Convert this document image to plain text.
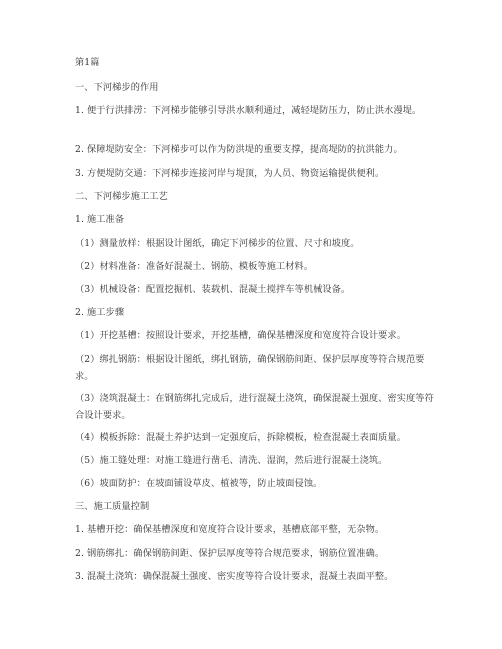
第1篇
一、下河梯步的作用
1. 便于行洪排涝：下河梯步能够引导洪水顺利通过，减轻堤防压力，防止洪水漫堤。
2. 保障堤防安全：下河梯步可以作为防洪堤的重要支撑，提高堤防的抗洪能力。
3. 方便堤防交通：下河梯步连接河岸与堤顶，为人员、物资运输提供便利。
二、下河梯步施工工艺
1. 施工准备
（1）测量放样：根据设计图纸，确定下河梯步的位置、尺寸和坡度。
（2）材料准备：准备好混凝土、钢筋、模板等施工材料。
（3）机械设备：配置挖掘机、装载机、混凝土搅拌车等机械设备。
2. 施工步骤
（1）开挖基槽：按照设计要求，开挖基槽，确保基槽深度和宽度符合设计要求。
（2）绑扎钢筋：根据设计图纸，绑扎钢筋，确保钢筋间距、保护层厚度等符合规范要求。
（3）浇筑混凝土：在钢筋绑扎完成后，进行混凝土浇筑，确保混凝土强度、密实度等符合设计要求。
（4）模板拆除：混凝土养护达到一定强度后，拆除模板，检查混凝土表面质量。
（5）施工缝处理：对施工缝进行凿毛、清洗、湿润，然后进行混凝土浇筑。
（6）坡面防护：在坡面铺设草皮、植被等，防止坡面侵蚀。
三、施工质量控制
1. 基槽开挖：确保基槽深度和宽度符合设计要求，基槽底部平整，无杂物。
2. 钢筋绑扎：确保钢筋间距、保护层厚度等符合规范要求，钢筋位置准确。
3. 混凝土浇筑：确保混凝土强度、密实度等符合设计要求，混凝土表面平整。
